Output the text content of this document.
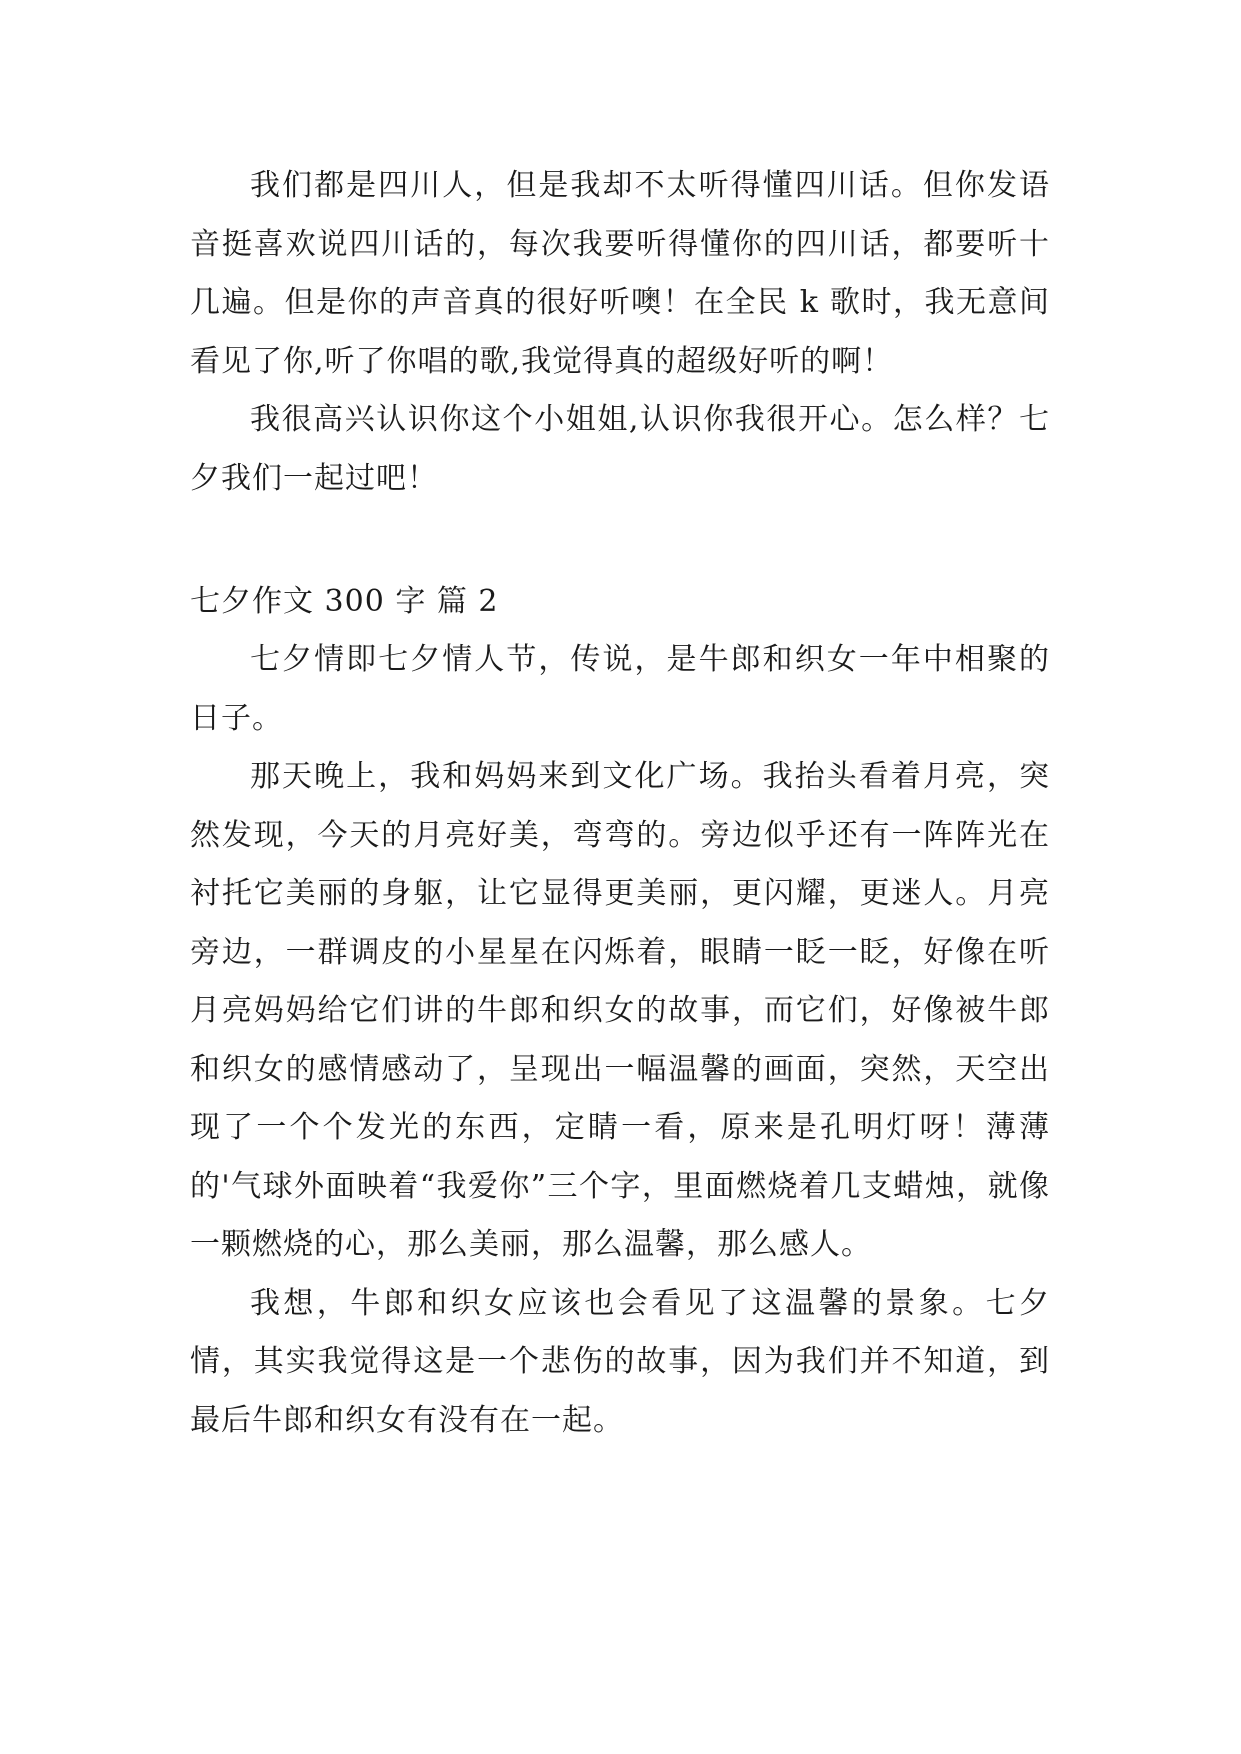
我们都是四川人，但是我却不太听得懂四川话。但你发语音挺喜欢说四川话的，每次我要听得懂你的四川话，都要听十几遍。但是你的声音真的很好听噢！在全民 k 歌时，我无意间看见了你,听了你唱的歌,我觉得真的超级好听的啊！

我很高兴认识你这个小姐姐,认识你我很开心。怎么样？七夕我们一起过吧！

七夕作文 300 字 篇 2

七夕情即七夕情人节，传说，是牛郎和织女一年中相聚的日子。

那天晚上，我和妈妈来到文化广场。我抬头看着月亮，突然发现，今天的月亮好美，弯弯的。旁边似乎还有一阵阵光在衬托它美丽的身躯，让它显得更美丽，更闪耀，更迷人。月亮旁边，一群调皮的小星星在闪烁着，眼睛一眨一眨，好像在听月亮妈妈给它们讲的牛郎和织女的故事，而它们，好像被牛郎和织女的感情感动了，呈现出一幅温馨的画面，突然，天空出现了一个个发光的东西，定睛一看，原来是孔明灯呀！薄薄的'气球外面映着“我爱你”三个字，里面燃烧着几支蜡烛，就像一颗燃烧的心，那么美丽，那么温馨，那么感人。

我想，牛郎和织女应该也会看见了这温馨的景象。七夕情，其实我觉得这是一个悲伤的故事，因为我们并不知道，到最后牛郎和织女有没有在一起。
